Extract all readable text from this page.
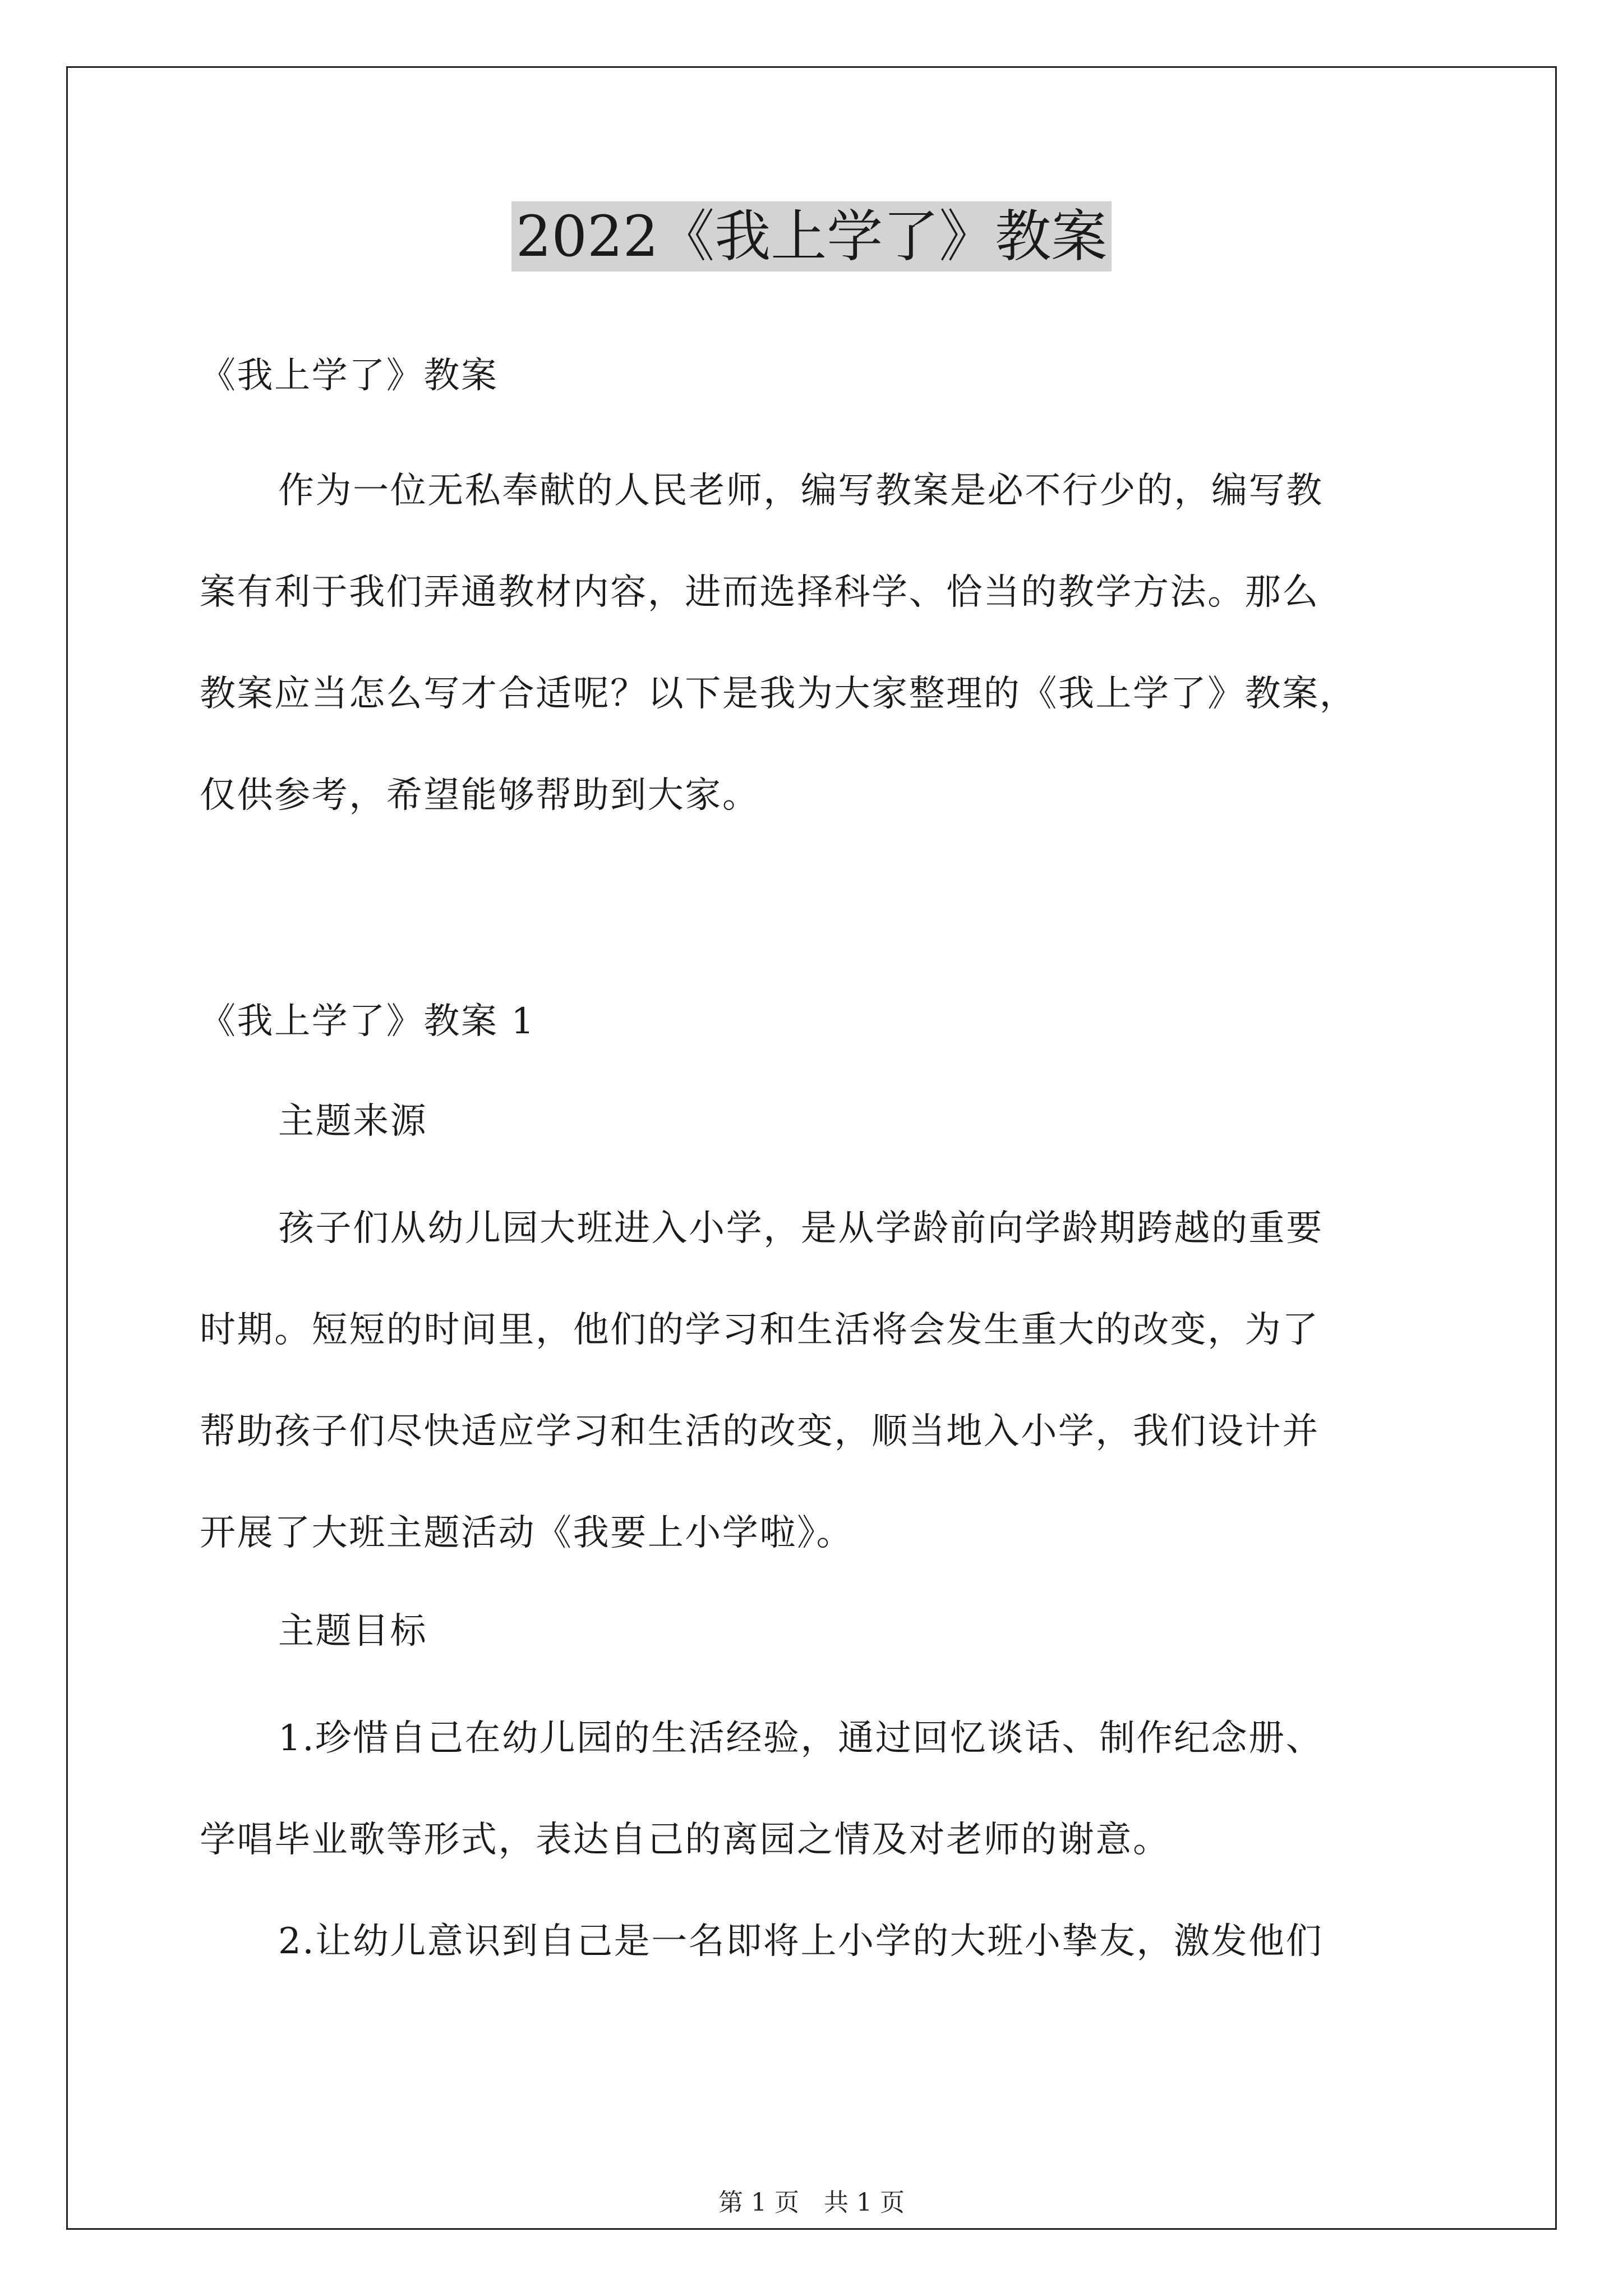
2022《我上学了》教案

《我上学了》教案

作为一位无私奉献的人民老师，编写教案是必不行少的，编写教

案有利于我们弄通教材内容，进而选择科学、恰当的教学方法。那么

教案应当怎么写才合适呢？以下是我为大家整理的《我上学了》教案，

仅供参考，希望能够帮助到大家。

《我上学了》教案 1

主题来源

孩子们从幼儿园大班进入小学，是从学龄前向学龄期跨越的重要

时期。短短的时间里，他们的学习和生活将会发生重大的改变，为了

帮助孩子们尽快适应学习和生活的改变，顺当地入小学，我们设计并

开展了大班主题活动《我要上小学啦》。

主题目标

1.珍惜自己在幼儿园的生活经验，通过回忆谈话、制作纪念册、

学唱毕业歌等形式，表达自己的离园之情及对老师的谢意。

2.让幼儿意识到自己是一名即将上小学的大班小挚友，激发他们

第 1 页 共 1 页
